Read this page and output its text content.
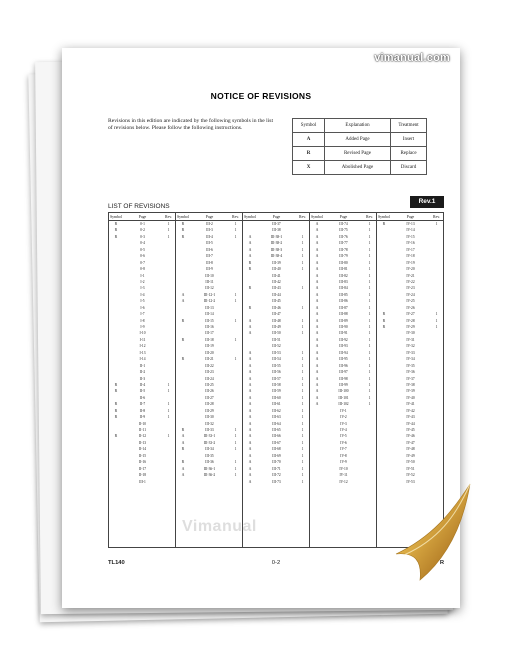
vimanual.com
NOTICE OF REVISIONS
Revisions in this edition are indicated by the following symbols in the list of revisions below. Please follow the following instructions.	Symbol	Explanation	Treatment
A	Added Page	Insert
R	Revised Page	Replace
X	Abolished Page	Discard
LIST OF REVISIONS
Rev.1
Symbol	Page	Rev.
R	0-1	1
R	0-2	1
R	0-3	1
0-4
0-5
0-6
0-7
0-8
I-1
I-2
I-3
I-4
I-5
I-6
I-7
I-8
I-9
I-10
I-11
I-12
I-13
I-14
II-1
II-2
II-3
R	II-4	1
R	II-5	1
II-6
R	II-7	1
R	II-8	1
R	II-9	1
II-10
II-11
R	II-12	1
II-13
II-14
II-15
II-16
II-17
II-18
III-1
Symbol	Page	Rev.
R	III-2	1
R	III-3	1
R	III-4	1
III-5
III-6
III-7
III-8
III-9
III-10
III-11
III-12
A	III-12-1	1
A	III-12-2	1
III-13
III-14
R	III-15	1
III-16
III-17
R	III-18	1
III-19
III-20
R	III-21	1
III-22
III-23
III-24
III-25
III-26
III-27
III-28
III-29
III-30
III-32
R	III-33	1
A	III-33-1	1
A	III-33-2	1
R	III-34	1
III-35
R	III-36	1
A	III-36-1	1
A	III-36-2	1
Symbol	Page	Rev.
III-37
III-38
A	III-38-1	1
A	III-38-2	1
A	III-38-3	1
A	III-38-4	1
R	III-39	1
R	III-40	1
III-41
III-42
R	III-43	1
III-44
III-45
R	III-46	1
III-47
A	III-48	1
A	III-49	1
A	III-50	1
III-51
III-52
A	III-53	1
A	III-54	1
A	III-55	1
A	III-56	1
A	III-57	1
A	III-58	1
A	III-59	1
A	III-60	1
A	III-61	1
A	III-62	1
A	III-63	1
A	III-64	1
A	III-65	1
A	III-66	1
A	III-67	1
A	III-68	1
A	III-69	1
A	III-70	1
A	III-71	1
A	III-72	1
A	III-73	1
Symbol	Page	Rev.
A	III-74	1
A	III-75	1
A	III-76	1
A	III-77	1
A	III-78	1
A	III-79	1
A	III-80	1
A	III-81	1
A	III-82	1
A	III-83	1
A	III-84	1
A	III-85	1
A	III-86	1
A	III-87	1
A	III-88	1
A	III-89	1
A	III-90	1
A	III-91	1
A	III-92	1
A	III-93	1
A	III-94	1
A	III-95	1
A	III-96	1
A	III-97	1
A	III-98	1
A	III-99	1
A	III-100	1
A	III-101	1
A	III-102	1
IV-1
IV-2
IV-3
IV-4
IV-5
IV-6
IV-7
IV-8
IV-9
IV-10
IV-11
IV-12
Symbol	Page	Rev.
R	IV-13	1
IV-14
IV-15
IV-16
IV-17
IV-18
IV-19
IV-20
IV-21
IV-22
IV-23
IV-24
IV-25
IV-26
R	IV-27	1
R	IV-28	1
R	IV-29	1
IV-30
IV-31
IV-32
IV-33
IV-34
IV-35
IV-36
IV-37
IV-38
IV-39
IV-40
IV-41
IV-42
IV-43
IV-44
IV-45
IV-46
IV-47
IV-48
IV-49
IV-50
IV-51
IV-52
IV-53
Vimanual
TL140	0-2	R
